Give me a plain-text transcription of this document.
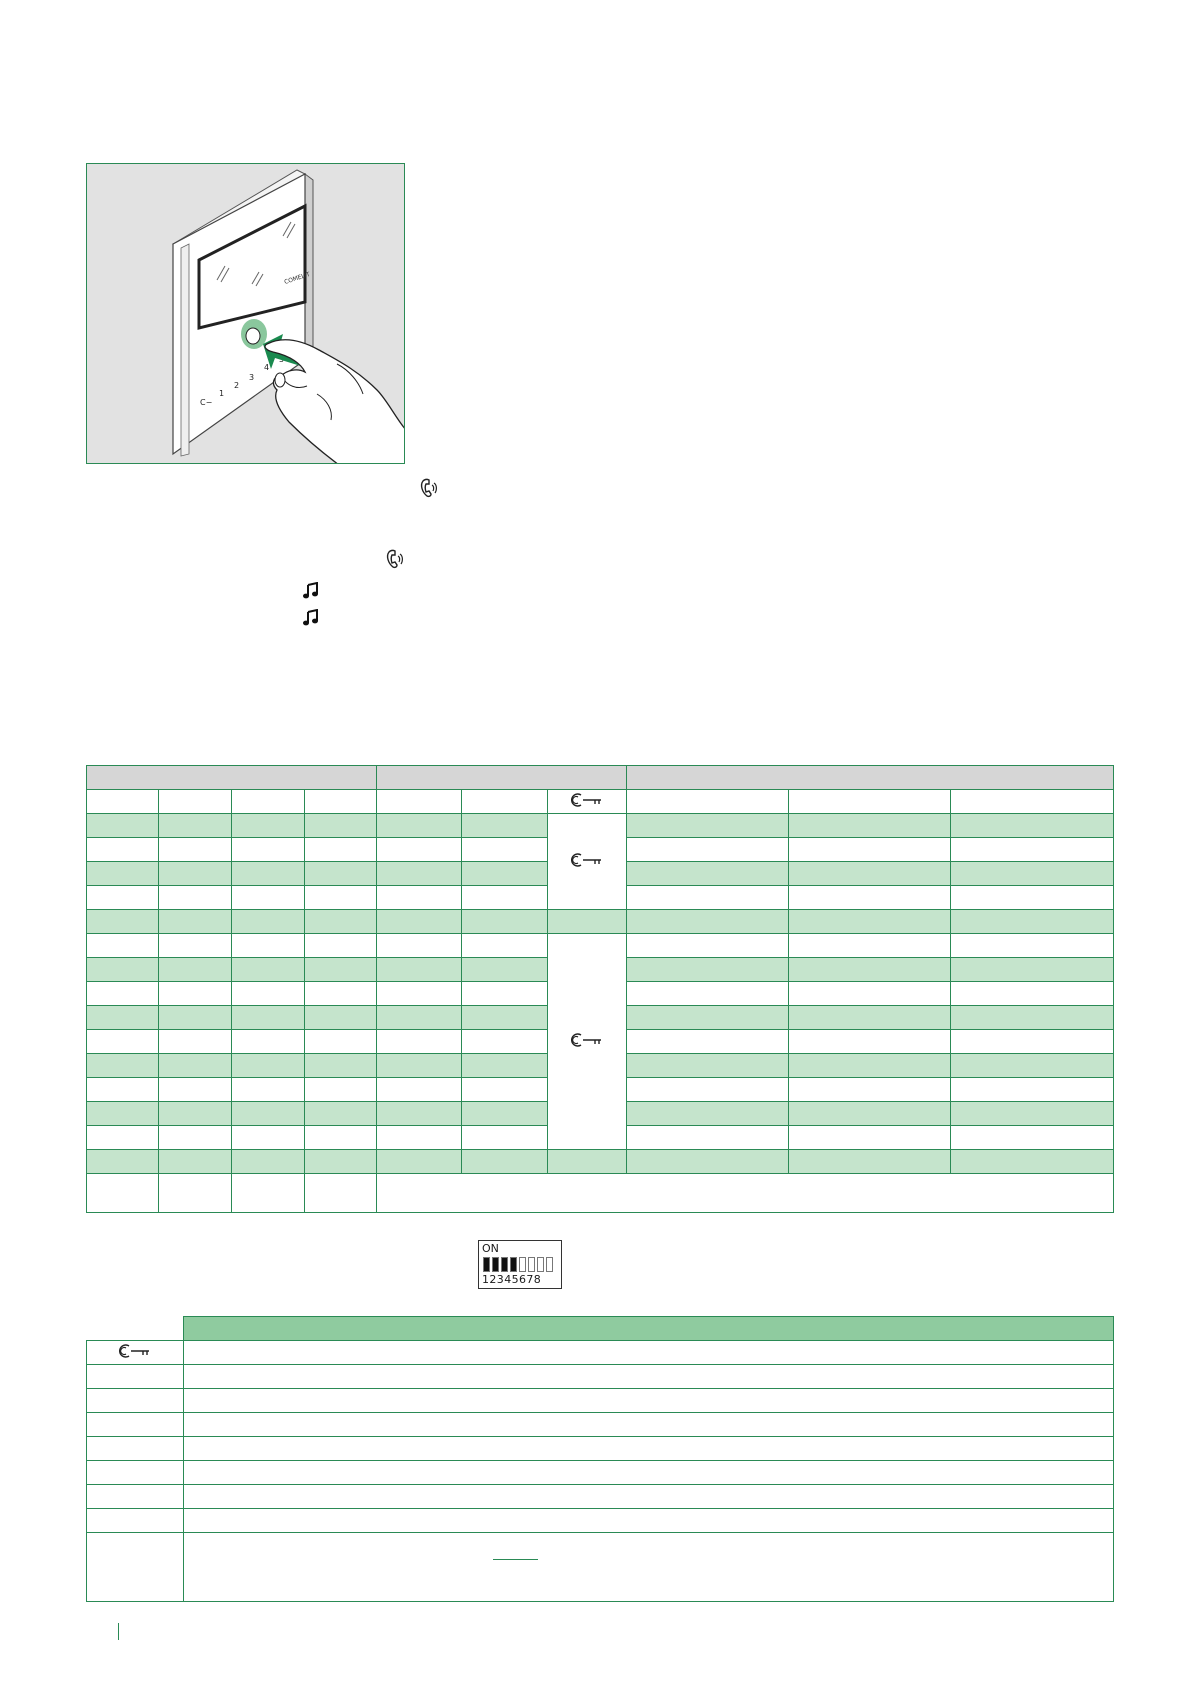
COMELIT
C−
1
2
3
4

ON
12345678
